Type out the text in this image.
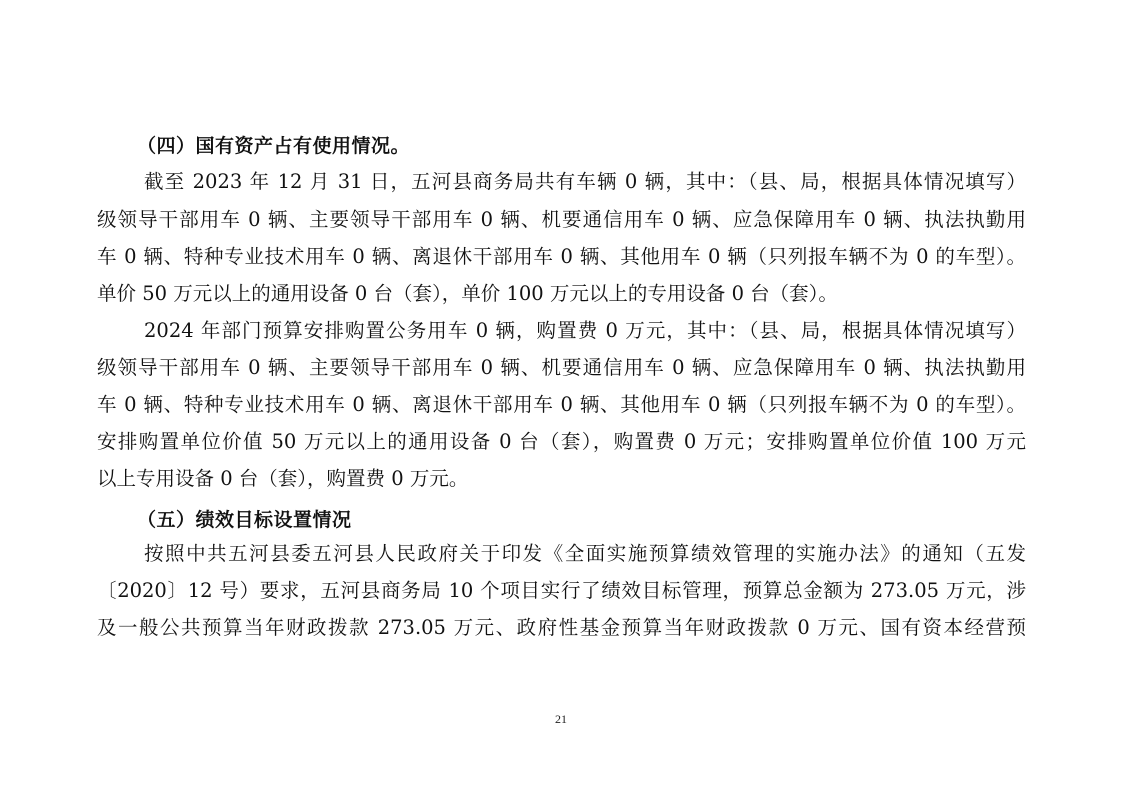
（四）国有资产占有使用情况。
截至 2023 年 12 月 31 日，五河县商务局共有车辆 0 辆，其中：（县、局，根据具体情况填写）
级领导干部用车 0 辆、主要领导干部用车 0 辆、机要通信用车 0 辆、应急保障用车 0 辆、执法执勤用
车 0 辆、特种专业技术用车 0 辆、离退休干部用车 0 辆、其他用车 0 辆（只列报车辆不为 0 的车型）。
单价 50 万元以上的通用设备 0 台（套），单价 100 万元以上的专用设备 0 台（套）。
2024 年部门预算安排购置公务用车 0 辆，购置费 0 万元，其中：（县、局，根据具体情况填写）
级领导干部用车 0 辆、主要领导干部用车 0 辆、机要通信用车 0 辆、应急保障用车 0 辆、执法执勤用
车 0 辆、特种专业技术用车 0 辆、离退休干部用车 0 辆、其他用车 0 辆（只列报车辆不为 0 的车型）。
安排购置单位价值 50 万元以上的通用设备 0 台（套），购置费 0 万元；安排购置单位价值 100 万元
以上专用设备 0 台（套），购置费 0 万元。
（五）绩效目标设置情况
按照中共五河县委五河县人民政府关于印发《全面实施预算绩效管理的实施办法》的通知（五发
〔2020〕12 号）要求，五河县商务局 10 个项目实行了绩效目标管理，预算总金额为 273.05 万元，涉
及一般公共预算当年财政拨款 273.05 万元、政府性基金预算当年财政拨款 0 万元、国有资本经营预
21
